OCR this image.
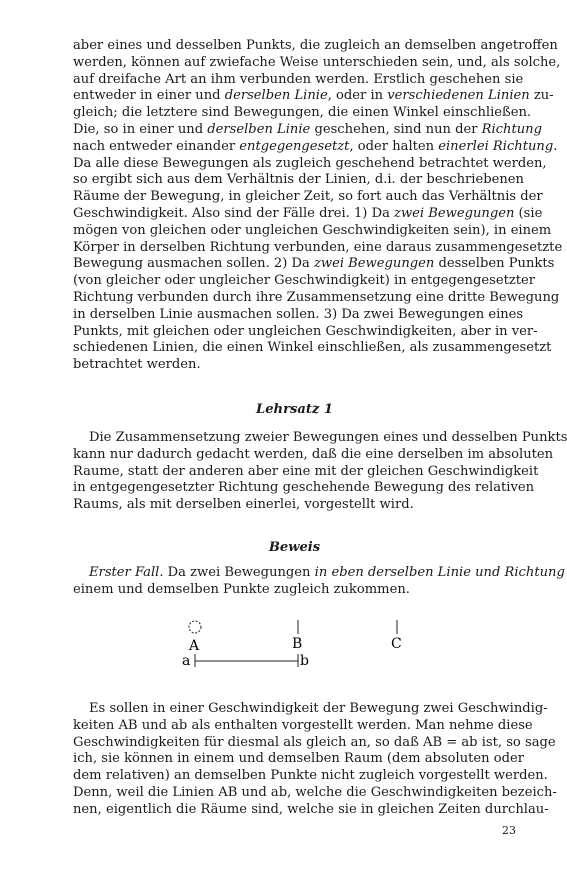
aber eines und desselben Punkts, die zugleich an demselben angetroffen
werden, können auf zwiefache Weise unterschieden sein, und, als solche,
auf dreifache Art an ihm verbunden werden. Erstlich geschehen sie
entweder in einer und derselben Linie, oder in verschiedenen Linien zu-
gleich; die letztere sind Bewegungen, die einen Winkel einschließen.
Die, so in einer und derselben Linie geschehen, sind nun der Richtung
nach entweder einander entgegengesetzt, oder halten einerlei Richtung.
Da alle diese Bewegungen als zugleich geschehend betrachtet werden,
so ergibt sich aus dem Verhältnis der Linien, d.i. der beschriebenen
Räume der Bewegung, in gleicher Zeit, so fort auch das Verhältnis der
Geschwindigkeit. Also sind der Fälle drei. 1) Da zwei Bewegungen (sie
mögen von gleichen oder ungleichen Geschwindigkeiten sein), in einem
Körper in derselben Richtung verbunden, eine daraus zusammengesetzte
Bewegung ausmachen sollen. 2) Da zwei Bewegungen desselben Punkts
(von gleicher oder ungleicher Geschwindigkeit) in entgegengesetzter
Richtung verbunden durch ihre Zusammensetzung eine dritte Bewegung
in derselben Linie ausmachen sollen. 3) Da zwei Bewegungen eines
Punkts, mit gleichen oder ungleichen Geschwindigkeiten, aber in ver-
schiedenen Linien, die einen Winkel einschließen, als zusammengesetzt
betrachtet werden.
Lehrsatz 1
Die Zusammensetzung zweier Bewegungen eines und desselben Punkts
kann nur dadurch gedacht werden, daß die eine derselben im absoluten
Raume, statt der anderen aber eine mit der gleichen Geschwindigkeit
in entgegengesetzter Richtung geschehende Bewegung des relativen
Raums, als mit derselben einerlei, vorgestellt wird.
Beweis
Erster Fall. Da zwei Bewegungen in eben derselben Linie und Richtung
einem und demselben Punkte zugleich zukommen.
A	B	C
a	b
Es sollen in einer Geschwindigkeit der Bewegung zwei Geschwindig-
keiten AB und ab als enthalten vorgestellt werden. Man nehme diese
Geschwindigkeiten für diesmal als gleich an, so daß AB = ab ist, so sage
ich, sie können in einem und demselben Raum (dem absoluten oder
dem relativen) an demselben Punkte nicht zugleich vorgestellt werden.
Denn, weil die Linien AB und ab, welche die Geschwindigkeiten bezeich-
nen, eigentlich die Räume sind, welche sie in gleichen Zeiten durchlau-
23
